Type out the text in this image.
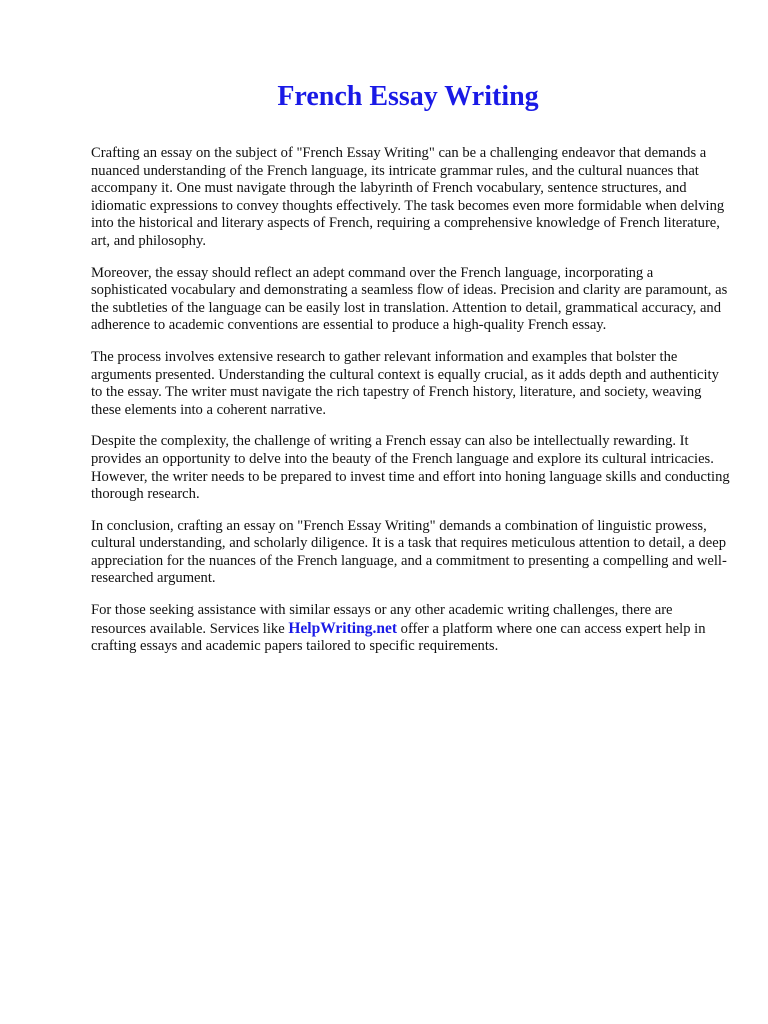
French Essay Writing

Crafting an essay on the subject of "French Essay Writing" can be a challenging endeavor that demands a nuanced understanding of the French language, its intricate grammar rules, and the cultural nuances that accompany it. One must navigate through the labyrinth of French vocabulary, sentence structures, and idiomatic expressions to convey thoughts effectively. The task becomes even more formidable when delving into the historical and literary aspects of French, requiring a comprehensive knowledge of French literature, art, and philosophy.

Moreover, the essay should reflect an adept command over the French language, incorporating a sophisticated vocabulary and demonstrating a seamless flow of ideas. Precision and clarity are paramount, as the subtleties of the language can be easily lost in translation. Attention to detail, grammatical accuracy, and adherence to academic conventions are essential to produce a high-quality French essay.

The process involves extensive research to gather relevant information and examples that bolster the arguments presented. Understanding the cultural context is equally crucial, as it adds depth and authenticity to the essay. The writer must navigate the rich tapestry of French history, literature, and society, weaving these elements into a coherent narrative.

Despite the complexity, the challenge of writing a French essay can also be intellectually rewarding. It provides an opportunity to delve into the beauty of the French language and explore its cultural intricacies. However, the writer needs to be prepared to invest time and effort into honing language skills and conducting thorough research.

In conclusion, crafting an essay on "French Essay Writing" demands a combination of linguistic prowess, cultural understanding, and scholarly diligence. It is a task that requires meticulous attention to detail, a deep appreciation for the nuances of the French language, and a commitment to presenting a compelling and well-researched argument.

For those seeking assistance with similar essays or any other academic writing challenges, there are resources available. Services like HelpWriting.net offer a platform where one can access expert help in crafting essays and academic papers tailored to specific requirements.
